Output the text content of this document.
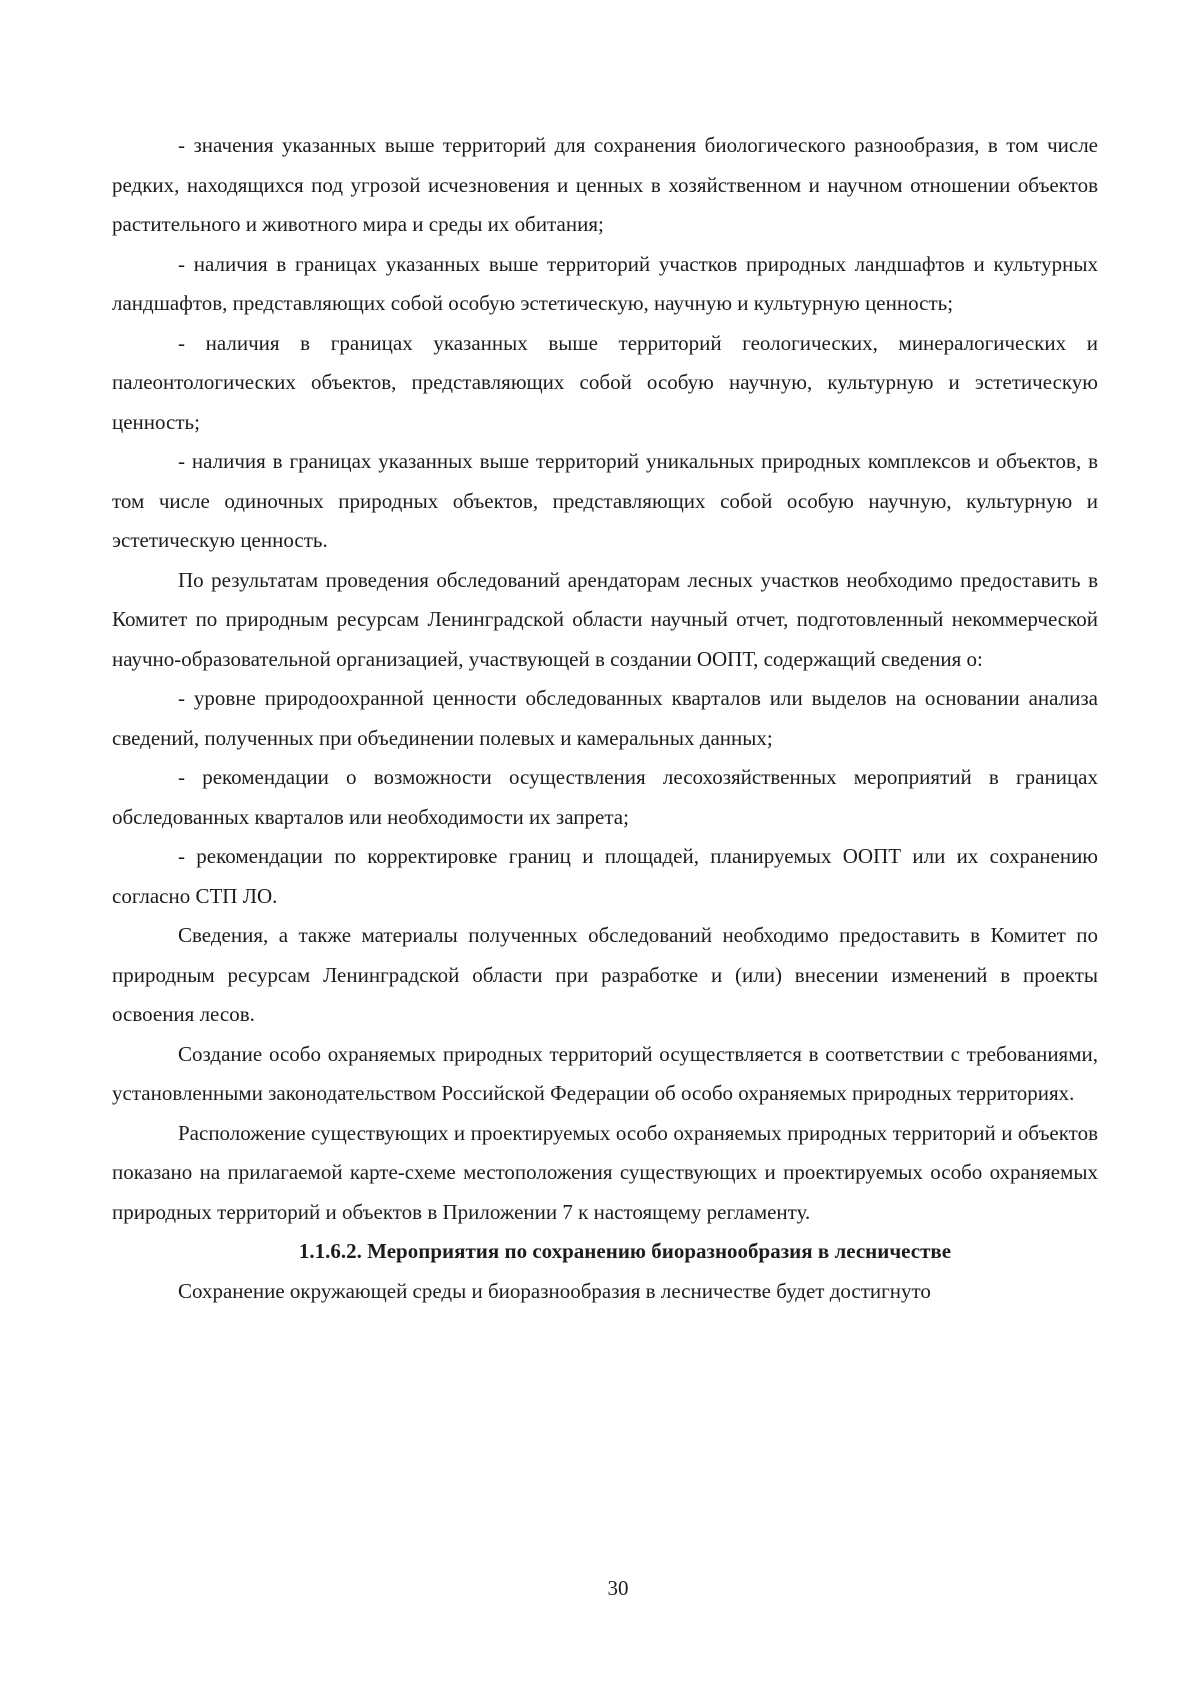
- значения указанных выше территорий для сохранения биологического разнообразия, в том числе редких, находящихся под угрозой исчезновения и ценных в хозяйственном и научном отношении объектов растительного и животного мира и среды их обитания;

- наличия в границах указанных выше территорий участков природных ландшафтов и культурных ландшафтов, представляющих собой особую эстетическую, научную и культурную ценность;

- наличия в границах указанных выше территорий геологических, минералогических и палеонтологических объектов, представляющих собой особую научную, культурную и эстетическую ценность;

- наличия в границах указанных выше территорий уникальных природных комплексов и объектов, в том числе одиночных природных объектов, представляющих собой особую научную, культурную и эстетическую ценность.

По результатам проведения обследований арендаторам лесных участков необходимо предоставить в Комитет по природным ресурсам Ленинградской области научный отчет, подготовленный некоммерческой научно-образовательной организацией, участвующей в создании ООПТ, содержащий сведения о:

- уровне природоохранной ценности обследованных кварталов или выделов на основании анализа сведений, полученных при объединении полевых и камеральных данных;

- рекомендации о возможности осуществления лесохозяйственных мероприятий в границах обследованных кварталов или необходимости их запрета;

- рекомендации по корректировке границ и площадей, планируемых ООПТ или их сохранению согласно СТП ЛО.

Сведения, а также материалы полученных обследований необходимо предоставить в Комитет по природным ресурсам Ленинградской области при разработке и (или) внесении изменений в проекты освоения лесов.

Создание особо охраняемых природных территорий осуществляется в соответствии с требованиями, установленными законодательством Российской Федерации об особо охраняемых природных территориях.

Расположение существующих и проектируемых особо охраняемых природных территорий и объектов показано на прилагаемой карте-схеме местоположения существующих и проектируемых особо охраняемых природных территорий и объектов в Приложении 7 к настоящему регламенту.

1.1.6.2. Мероприятия по сохранению биоразнообразия в лесничестве

Сохранение окружающей среды и биоразнообразия в лесничестве будет достигнуто

30
